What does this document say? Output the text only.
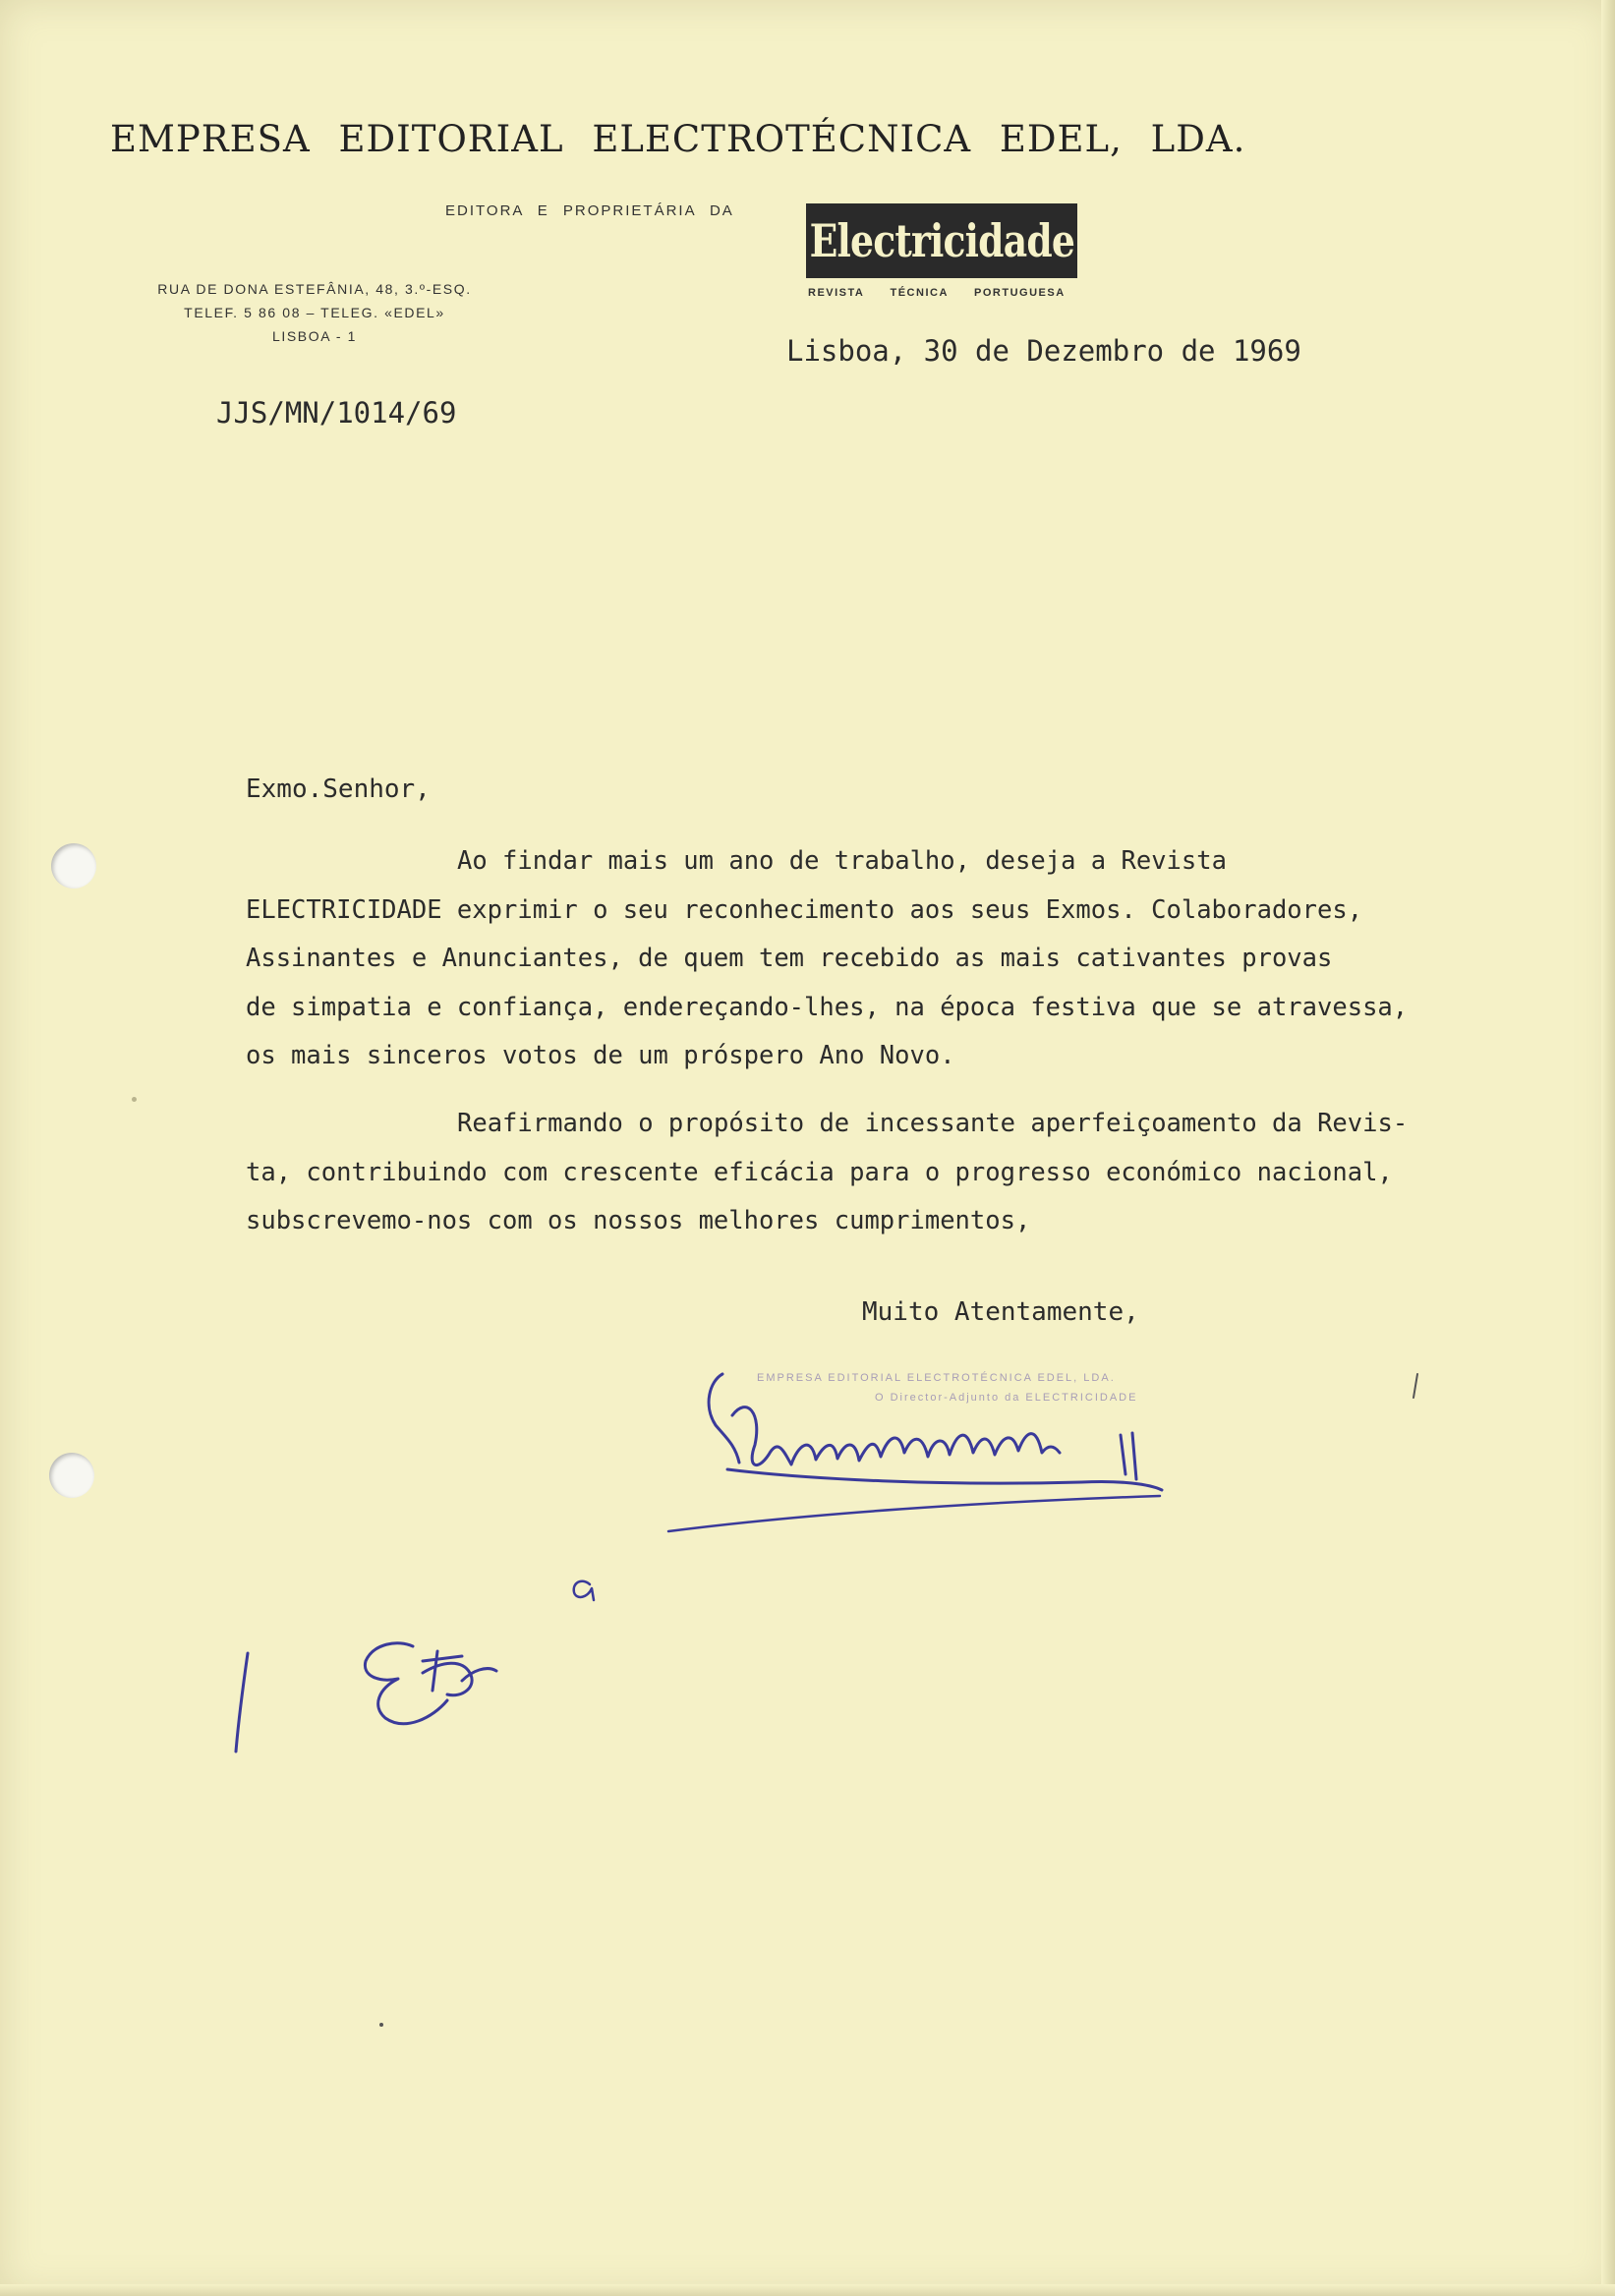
EMPRESA EDITORIAL ELECTROTÉCNICA EDEL, LDA.
EDITORA E PROPRIETÁRIA DA
Electricidade
REVISTA TÉCNICA PORTUGUESA
RUA DE DONA ESTEFÂNIA, 48, 3.º-ESQ.
TELEF. 5 86 08 – TELEG. «EDEL»
LISBOA - 1	Lisboa, 30 de Dezembro de 1969
JJS/MN/1014/69
Exmo.Senhor,
Ao findar mais um ano de trabalho, deseja a Revista
ELECTRICIDADE exprimir o seu reconhecimento aos seus Exmos. Colaboradores,
Assinantes e Anunciantes, de quem tem recebido as mais cativantes provas
de simpatia e confiança, endereçando-lhes, na época festiva que se atravessa,
os mais sinceros votos de um próspero Ano Novo.
Reafirmando o propósito de incessante aperfeiçoamento da Revis-
ta, contribuindo com crescente eficácia para o progresso económico nacional,
subscrevemo-nos com os nossos melhores cumprimentos,
Muito Atentamente,
EMPRESA EDITORIAL ELECTROTÉCNICA EDEL, LDA.
O Director-Adjunto da ELECTRICIDADE
